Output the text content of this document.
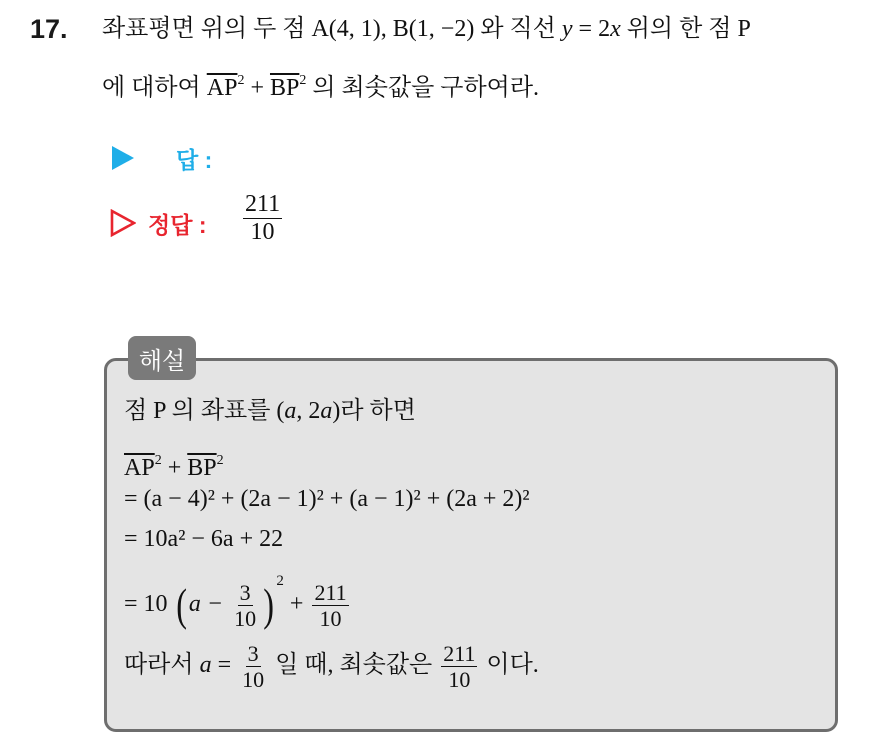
17. 좌표평면 위의 두 점 A(4, 1), B(1, −2) 와 직선 y = 2x 위의 한 점 P
에 대하여 $\overline{AP}^2 + \overline{BP}^2$ 의 최솟값을 구하여라.
답 :
정답 : $\frac{211}{10}$
해설
점 P 의 좌표를 (a, 2a)라 하면
$\overline{AP}^2 + \overline{BP}^2$
= (a − 4)² + (2a − 1)² + (a − 1)² + (2a + 2)²
= 10a² − 6a + 22
= 10 ($a - \frac{3}{10}$ ) $^2 + \frac{211}{10}$
따라서 $a = \frac{3}{10}$ 일 때, 최솟값은 $\frac{211}{10}$ 이다.
